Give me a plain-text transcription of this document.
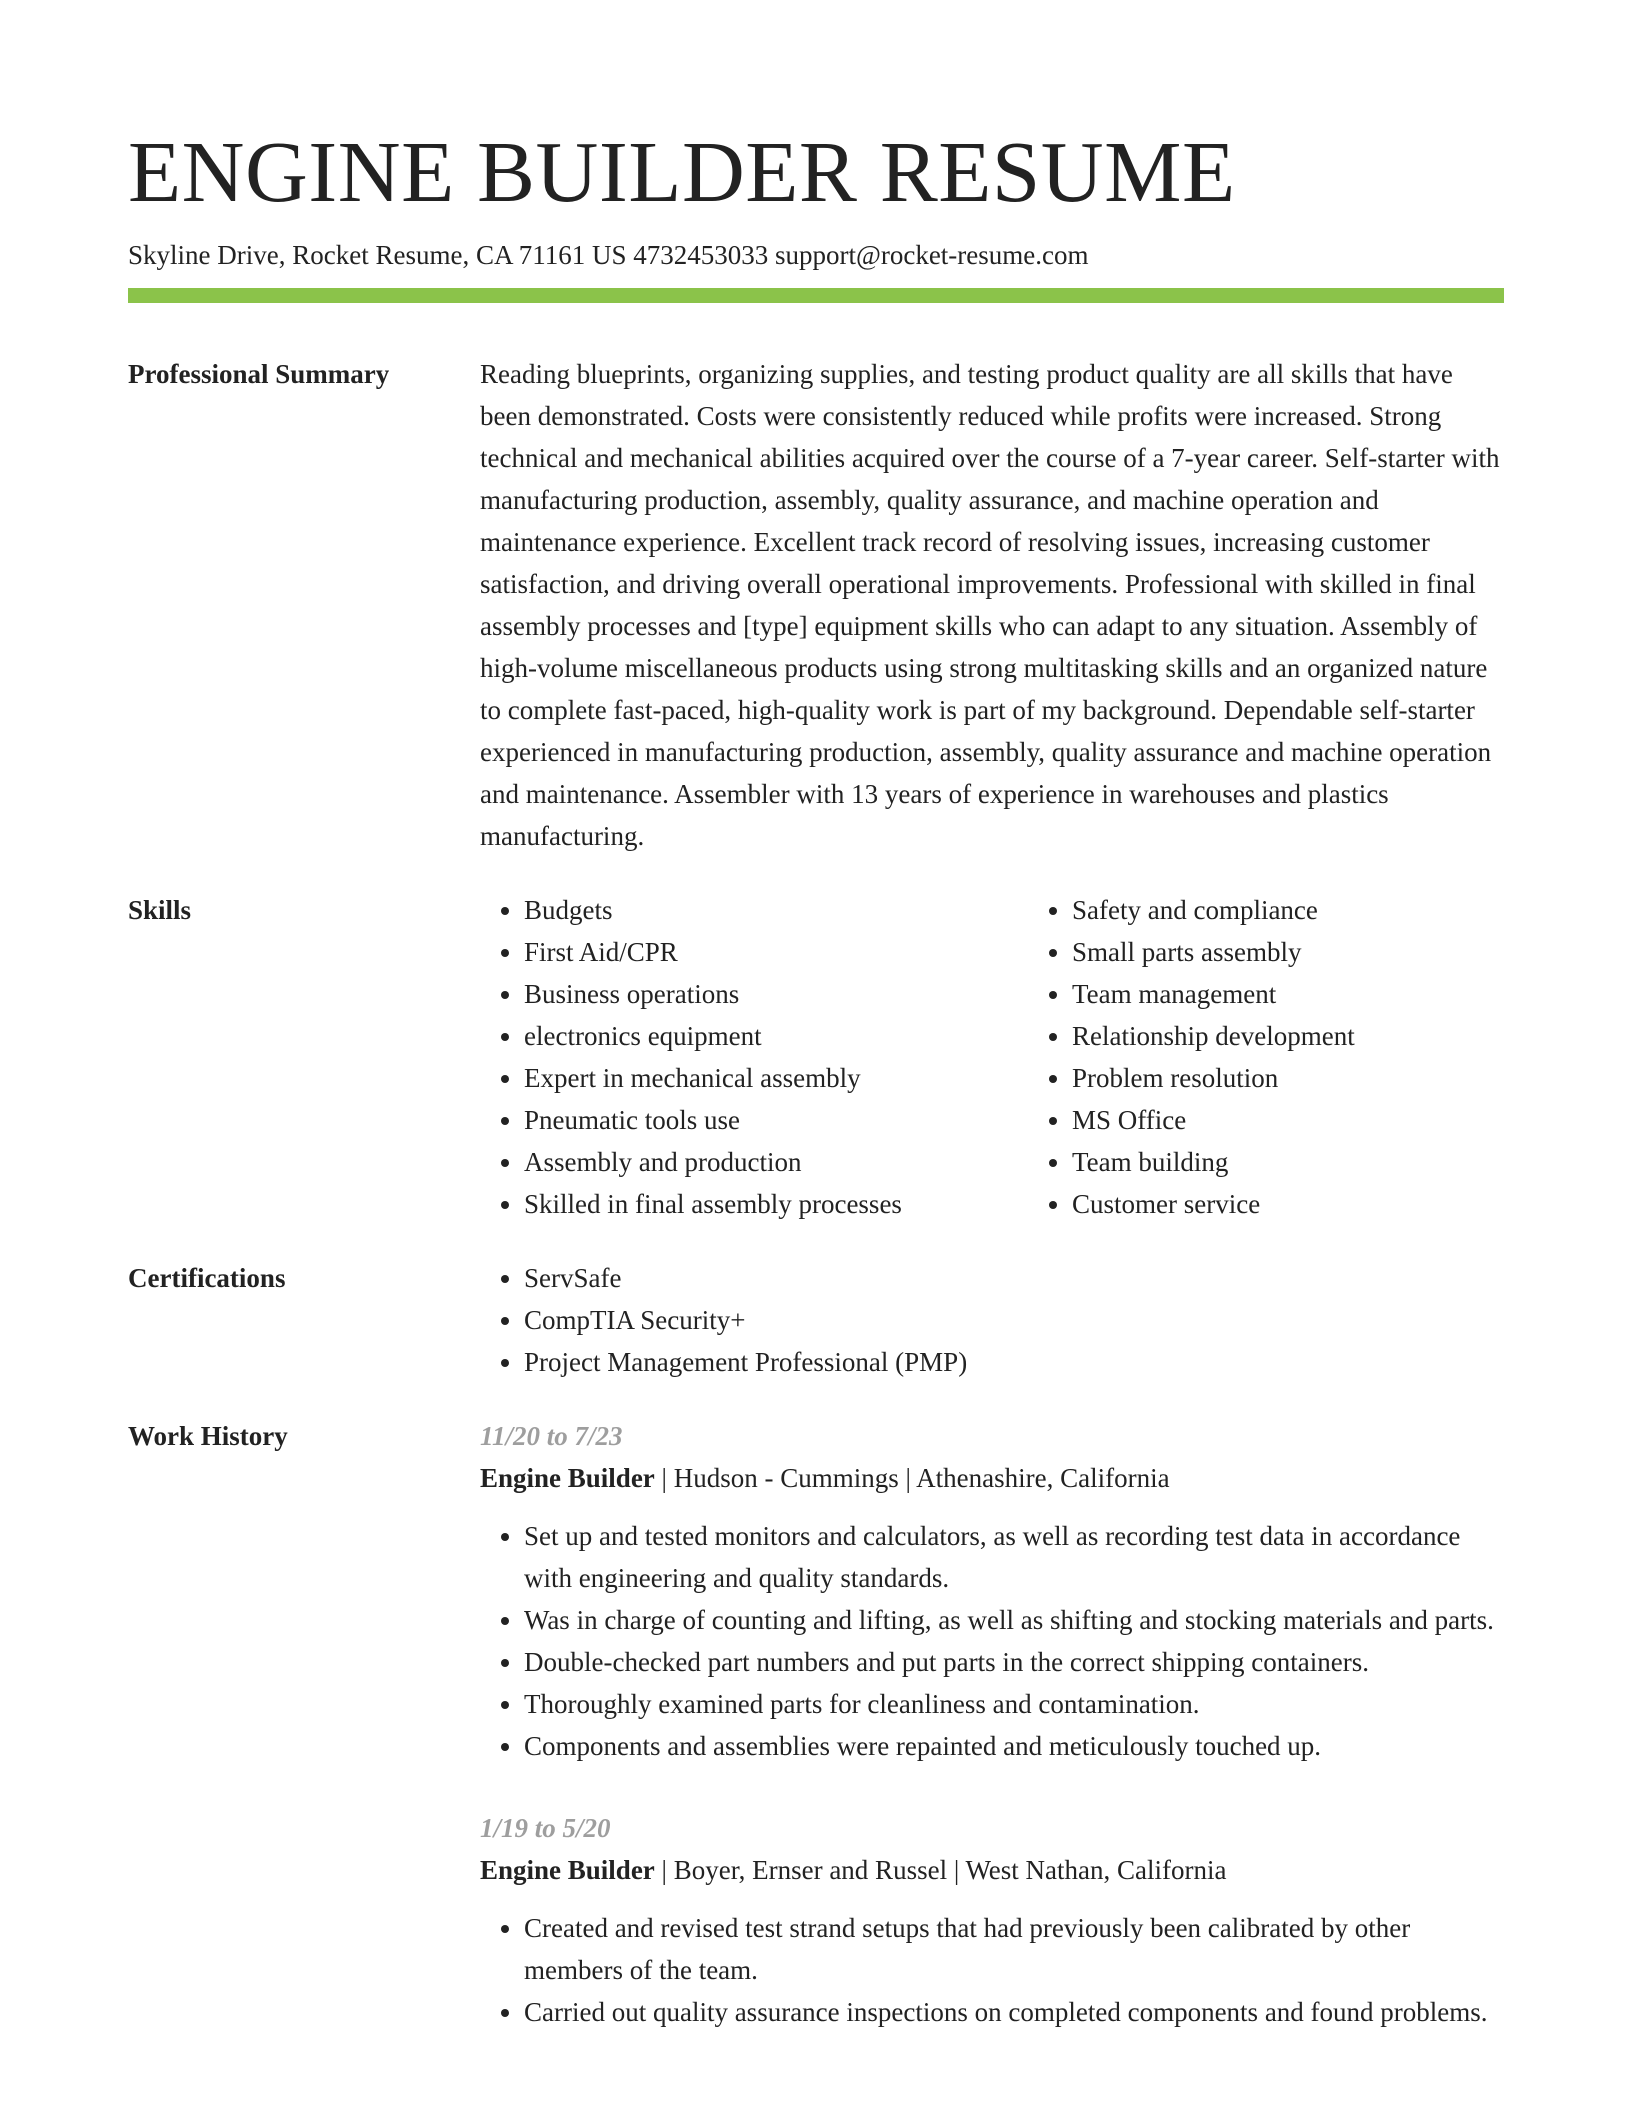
ENGINE BUILDER RESUME
Skyline Drive, Rocket Resume, CA 71161 US 4732453033 support@rocket-resume.com
Professional Summary	Reading blueprints, organizing supplies, and testing product quality are all skills that have been demonstrated. Costs were consistently reduced while profits were increased. Strong technical and mechanical abilities acquired over the course of a 7-year career. Self-starter with manufacturing production, assembly, quality assurance, and machine operation and maintenance experience. Excellent track record of resolving issues, increasing customer satisfaction, and driving overall operational improvements. Professional with skilled in final assembly processes and [type] equipment skills who can adapt to any situation. Assembly of high-volume miscellaneous products using strong multitasking skills and an organized nature to complete fast-paced, high-quality work is part of my background. Dependable self-starter experienced in manufacturing production, assembly, quality assurance and machine operation and maintenance. Assembler with 13 years of experience in warehouses and plastics manufacturing.

Skills	• Budgets
• First Aid/CPR
• Business operations
• electronics equipment
• Expert in mechanical assembly
• Pneumatic tools use
• Assembly and production
• Skilled in final assembly processes
• Safety and compliance
• Small parts assembly
• Team management
• Relationship development
• Problem resolution
• MS Office
• Team building
• Customer service
Certifications	• ServSafe
• CompTIA Security+
• Project Management Professional (PMP)
Work History	11/20 to 7/23
Engine Builder | Hudson - Cummings | Athenashire, California
• Set up and tested monitors and calculators, as well as recording test data in accordance with engineering and quality standards.
• Was in charge of counting and lifting, as well as shifting and stocking materials and parts.
• Double-checked part numbers and put parts in the correct shipping containers.
• Thoroughly examined parts for cleanliness and contamination.
• Components and assemblies were repainted and meticulously touched up.
1/19 to 5/20
Engine Builder | Boyer, Ernser and Russel | West Nathan, California
• Created and revised test strand setups that had previously been calibrated by other members of the team.
• Carried out quality assurance inspections on completed components and found problems.
